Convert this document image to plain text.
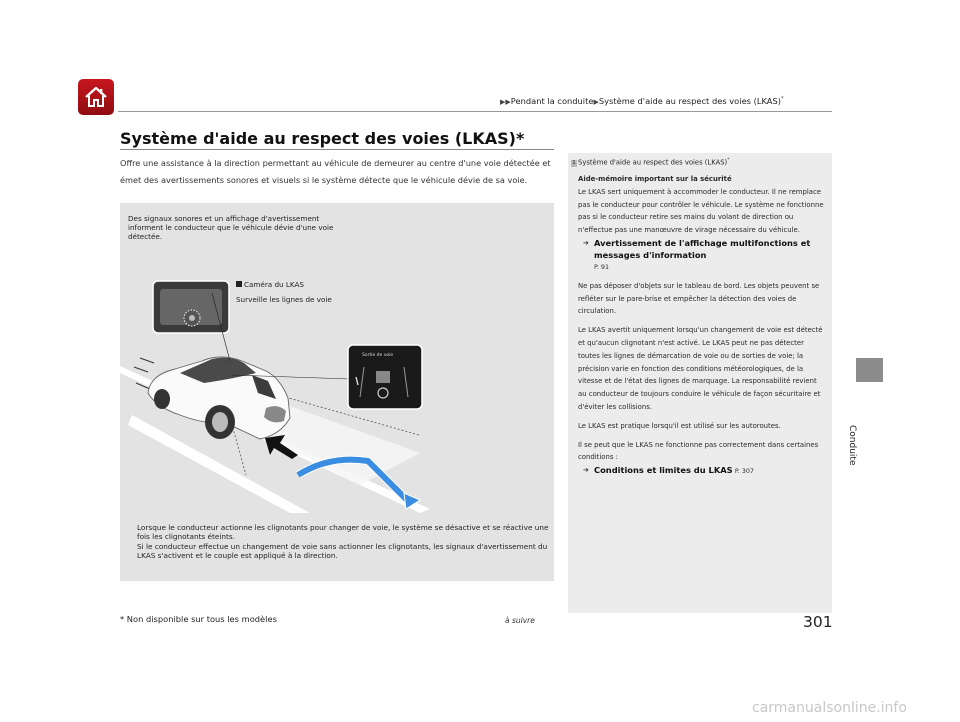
▶▶Pendant la conduite▶Système d'aide au respect des voies (LKAS)*
Conduite
Système d'aide au respect des voies (LKAS)*
Offre une assistance à la direction permettant au véhicule de demeurer au centre d'une voie détectée et émet des avertissements sonores et visuels si le système détecte que le véhicule dévie de sa voie.
Sortie de voie
Des signaux sonores et un affichage d'avertissement informent le conducteur que le véhicule dévie d'une voie détectée.
Caméra du LKAS
Surveille les lignes de voie
Lorsque le conducteur actionne les clignotants pour changer de voie, le système se désactive et se réactive une fois les clignotants éteints.
Si le conducteur effectue un changement de voie sans actionner les clignotants, les signaux d'avertissement du LKAS s'activent et le couple est appliqué à la direction.
1 Système d'aide au respect des voies (LKAS)*

Aide-mémoire important sur la sécurité

Le LKAS sert uniquement à accommoder le conducteur. Il ne remplace pas le conducteur pour contrôler le véhicule. Le système ne fonctionne pas si le conducteur retire ses mains du volant de direction ou n'effectue pas une manœuvre de virage nécessaire du véhicule.

➔ Avertissement de l'affichage multifonctions et messages d'information
P. 91

Ne pas déposer d'objets sur le tableau de bord. Les objets peuvent se refléter sur le pare-brise et empêcher la détection des voies de circulation.

Le LKAS avertit uniquement lorsqu'un changement de voie est détecté et qu'aucun clignotant n'est activé. Le LKAS peut ne pas détecter toutes les lignes de démarcation de voie ou de sorties de voie; la précision varie en fonction des conditions météorologiques, de la vitesse et de l'état des lignes de marquage. La responsabilité revient au conducteur de toujours conduire le véhicule de façon sécuritaire et d'éviter les collisions.

Le LKAS est pratique lorsqu'il est utilisé sur les autoroutes.

Il se peut que le LKAS ne fonctionne pas correctement dans certaines conditions :

➔ Conditions et limites du LKAS P. 307
* Non disponible sur tous les modèles	à suivre	301
carmanualsonline.info
